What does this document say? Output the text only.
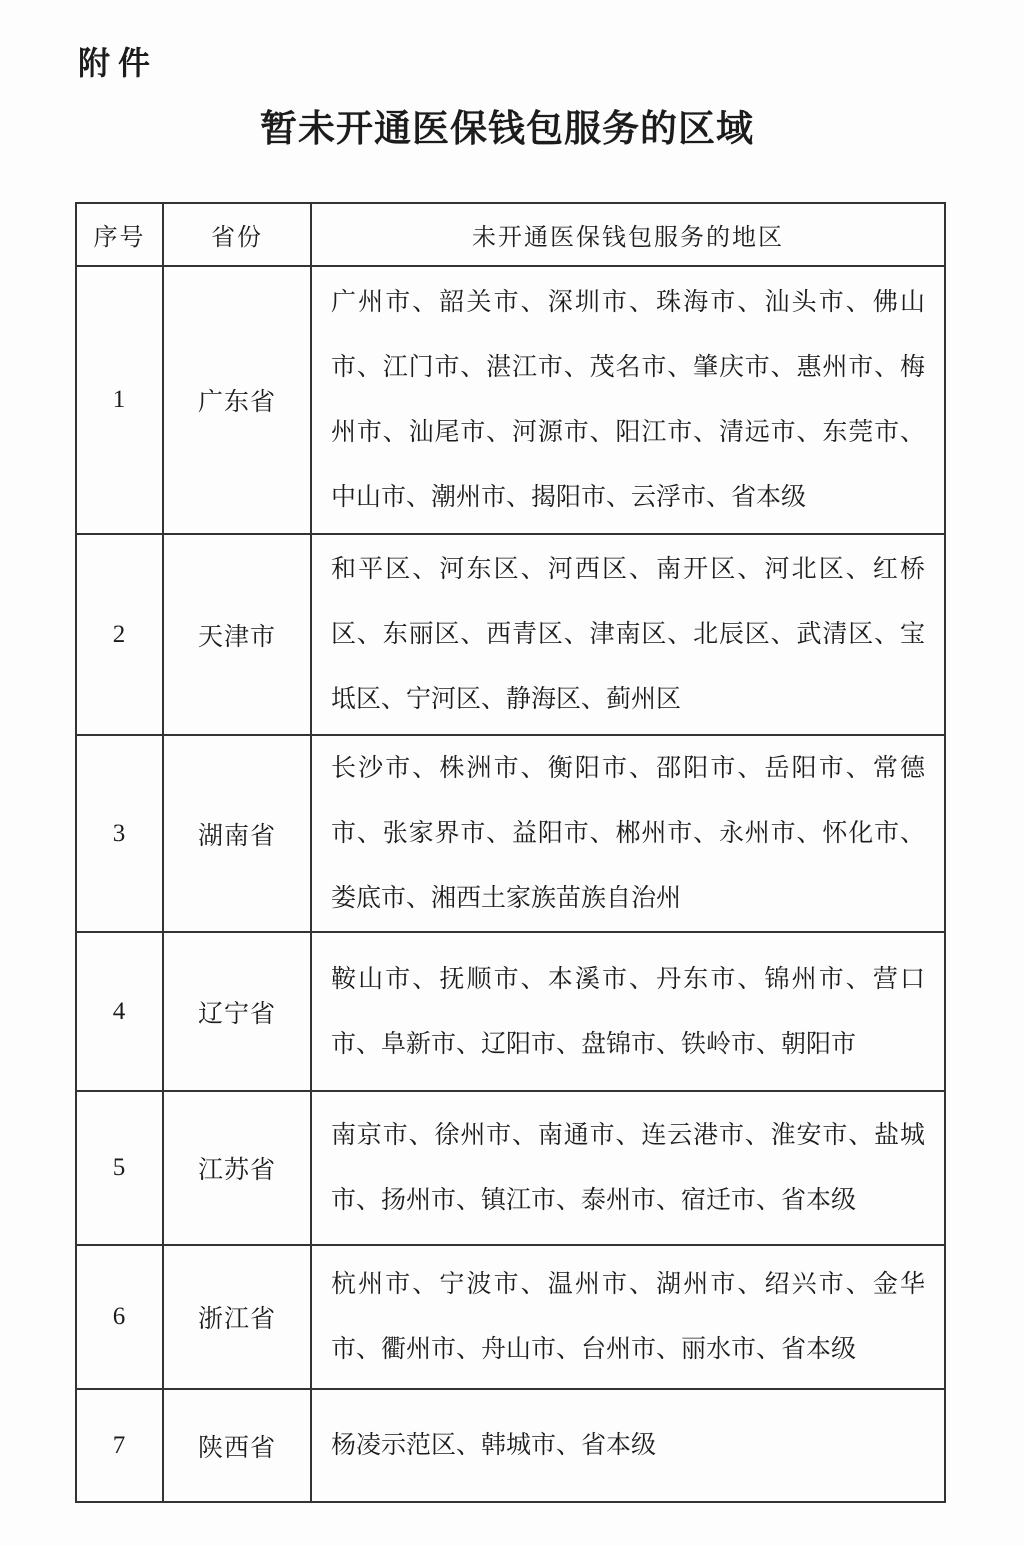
附件
暂未开通医保钱包服务的区域
序号	省份	未开通医保钱包服务的地区
1	广东省	广州市、韶关市、深圳市、珠海市、汕头市、佛山市、江门市、湛江市、茂名市、肇庆市、惠州市、梅州市、汕尾市、河源市、阳江市、清远市、东莞市、中山市、潮州市、揭阳市、云浮市、省本级
2	天津市	和平区、河东区、河西区、南开区、河北区、红桥区、东丽区、西青区、津南区、北辰区、武清区、宝坻区、宁河区、静海区、蓟州区
3	湖南省	长沙市、株洲市、衡阳市、邵阳市、岳阳市、常德市、张家界市、益阳市、郴州市、永州市、怀化市、娄底市、湘西土家族苗族自治州
4	辽宁省	鞍山市、抚顺市、本溪市、丹东市、锦州市、营口市、阜新市、辽阳市、盘锦市、铁岭市、朝阳市
5	江苏省	南京市、徐州市、南通市、连云港市、淮安市、盐城市、扬州市、镇江市、泰州市、宿迁市、省本级
6	浙江省	杭州市、宁波市、温州市、湖州市、绍兴市、金华市、衢州市、舟山市、台州市、丽水市、省本级
7	陕西省	杨凌示范区、韩城市、省本级
